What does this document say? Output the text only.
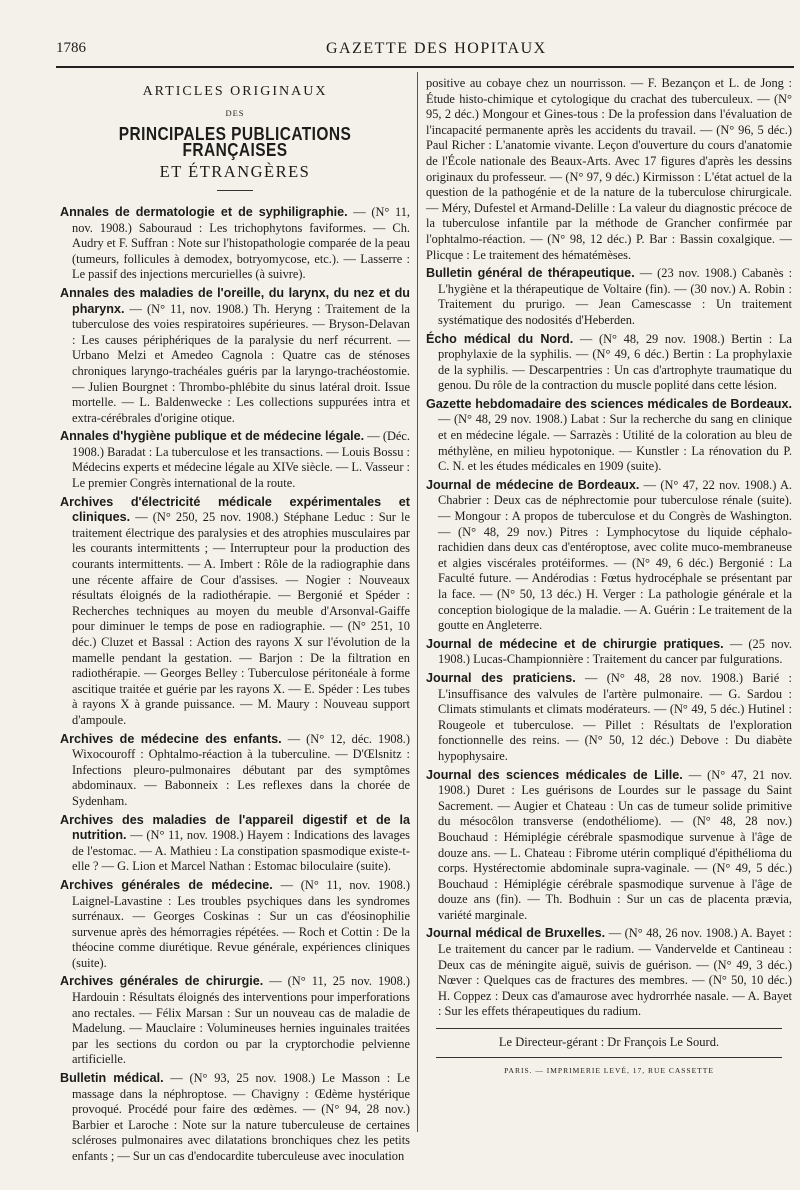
1786	GAZETTE DES HOPITAUX
ARTICLES ORIGINAUX
DES
PRINCIPALES PUBLICATIONS FRANÇAISES
ET ÉTRANGÈRES

Annales de dermatologie et de syphiligraphie. — (N° 11, nov. 1908.) Sabouraud : Les trichophytons faviformes. — Ch. Audry et F. Suffran : Note sur l'histopathologie comparée de la peau (tumeurs, follicules à demodex, botryomycose, etc.). — Lasserre : Le passif des injections mercurielles (à suivre).

Annales des maladies de l'oreille, du larynx, du nez et du pharynx. — (N° 11, nov. 1908.) Th. Heryng : Traitement de la tuberculose des voies respiratoires supérieures. — Bryson-Delavan : Les causes périphériques de la paralysie du nerf récurrent. — Urbano Melzi et Amedeo Cagnola : Quatre cas de sténoses chroniques laryngo-trachéales guéris par la laryngo-trachéostomie. — Julien Bourgnet : Thrombo-phlébite du sinus latéral droit. Issue mortelle. — L. Baldenwecke : Les collections suppurées intra et extra-cérébrales d'origine otique.

Annales d'hygiène publique et de médecine légale. — (Déc. 1908.) Baradat : La tuberculose et les transactions. — Louis Bossu : Médecins experts et médecine légale au XIVe siècle. — L. Vasseur : Le premier Congrès international de la route.

Archives d'électricité médicale expérimentales et cliniques. — (N° 250, 25 nov. 1908.) Stéphane Leduc : Sur le traitement électrique des paralysies et des atrophies musculaires par les courants intermittents ; — Interrupteur pour la production des courants intermittents. — A. Imbert : Rôle de la radiographie dans une récente affaire de Cour d'assises. — Nogier : Nouveaux résultats éloignés de la radiothérapie. — Bergonié et Spéder : Recherches techniques au moyen du meuble d'Arsonval-Gaiffe pour diminuer le temps de pose en radiographie. — (N° 251, 10 déc.) Cluzet et Bassal : Action des rayons X sur l'évolution de la mamelle pendant la gestation. — Barjon : De la filtration en radiothérapie. — Georges Belley : Tuberculose péritonéale à forme ascitique traitée et guérie par les rayons X. — E. Spéder : Les tubes à rayons X à grande puissance. — M. Maury : Nouveau support d'ampoule.

Archives de médecine des enfants. — (N° 12, déc. 1908.) Wixocouroff : Ophtalmo-réaction à la tuberculine. — D'Œlsnitz : Infections pleuro-pulmonaires débutant par des symptômes abdominaux. — Babonneix : Les reflexes dans la chorée de Sydenham.

Archives des maladies de l'appareil digestif et de la nutrition. — (N° 11, nov. 1908.) Hayem : Indications des lavages de l'estomac. — A. Mathieu : La constipation spasmodique existe-t-elle ? — G. Lion et Marcel Nathan : Estomac biloculaire (suite).

Archives générales de médecine. — (N° 11, nov. 1908.) Laignel-Lavastine : Les troubles psychiques dans les syndromes surrénaux. — Georges Coskinas : Sur un cas d'éosinophilie survenue après des hémorragies répétées. — Roch et Cottin : De la théocine comme diurétique. Revue générale, expériences cliniques (suite).

Archives générales de chirurgie. — (N° 11, 25 nov. 1908.) Hardouin : Résultats éloignés des interventions pour imperforations ano rectales. — Félix Marsan : Sur un nouveau cas de maladie de Madelung. — Mauclaire : Volumineuses hernies inguinales traitées par les sections du cordon ou par la cryptorchodie pelvienne artificielle.

Bulletin médical. — (N° 93, 25 nov. 1908.) Le Masson : Le massage dans la néphroptose. — Chavigny : Œdème hystérique provoqué. Procédé pour faire des œdèmes. — (N° 94, 28 nov.) Barbier et Laroche : Note sur la nature tuberculeuse de certaines scléroses pulmonaires avec dilatations bronchiques chez les petits enfants ; — Sur un cas d'endocardite tuberculeuse avec inoculation

positive au cobaye chez un nourrisson. — F. Bezançon et L. de Jong : Étude histo-chimique et cytologique du crachat des tuberculeux. — (N° 95, 2 déc.) Mongour et Gines-tous : De la profession dans l'évaluation de l'incapacité permanente après les accidents du travail. — (N° 96, 5 déc.) Paul Richer : L'anatomie vivante. Leçon d'ouverture du cours d'anatomie de l'École nationale des Beaux-Arts. Avec 17 figures d'après les dessins originaux du professeur. — (N° 97, 9 déc.) Kirmisson : L'état actuel de la question de la pathogénie et de la nature de la tuberculose chirurgicale. — Méry, Dufestel et Armand-Delille : La valeur du diagnostic précoce de la tuberculose infantile par la méthode de Grancher confirmée par l'ophtalmo-réaction. — (N° 98, 12 déc.) P. Bar : Bassin coxalgique. — Plicque : Le traitement des hématémèses.

Bulletin général de thérapeutique. — (23 nov. 1908.) Cabanès : L'hygiène et la thérapeutique de Voltaire (fin). — (30 nov.) A. Robin : Traitement du prurigo. — Jean Camescasse : Un traitement systématique des nodosités d'Heberden.

Écho médical du Nord. — (N° 48, 29 nov. 1908.) Bertin : La prophylaxie de la syphilis. — (N° 49, 6 déc.) Bertin : La prophylaxie de la syphilis. — Descarpentries : Un cas d'artrophyte traumatique du genou. Du rôle de la contraction du muscle poplité dans cette lésion.

Gazette hebdomadaire des sciences médicales de Bordeaux. — (N° 48, 29 nov. 1908.) Labat : Sur la recherche du sang en clinique et en médecine légale. — Sarrazès : Utilité de la coloration au bleu de méthylène, en milieu hypotonique. — Kunstler : La rénovation du P. C. N. et les études médicales en 1909 (suite).

Journal de médecine de Bordeaux. — (N° 47, 22 nov. 1908.) A. Chabrier : Deux cas de néphrectomie pour tuberculose rénale (suite). — Mongour : A propos de tuberculose et du Congrès de Washington. — (N° 48, 29 nov.) Pitres : Lymphocytose du liquide céphalo-rachidien dans deux cas d'entéroptose, avec colite muco-membraneuse et algies viscérales protéiformes. — (N° 49, 6 déc.) Bergonié : La Faculté future. — Andérodias : Fœtus hydrocéphale se présentant par la face. — (N° 50, 13 déc.) H. Verger : La pathologie générale et la conception biologique de la maladie. — A. Guérin : Le traitement de la goutte en Angleterre.

Journal de médecine et de chirurgie pratiques. — (25 nov. 1908.) Lucas-Championnière : Traitement du cancer par fulgurations.

Journal des praticiens. — (N° 48, 28 nov. 1908.) Barié : L'insuffisance des valvules de l'artère pulmonaire. — G. Sardou : Climats stimulants et climats modérateurs. — (N° 49, 5 déc.) Hutinel : Rougeole et tuberculose. — Pillet : Résultats de l'exploration fonctionnelle des reins. — (N° 50, 12 déc.) Debove : Du diabète hypophysaire.

Journal des sciences médicales de Lille. — (N° 47, 21 nov. 1908.) Duret : Les guérisons de Lourdes sur le passage du Saint Sacrement. — Augier et Chateau : Un cas de tumeur solide primitive du mésocôlon transverse (endothéliome). — (N° 48, 28 nov.) Bouchaud : Hémiplégie cérébrale spasmodique survenue à l'âge de douze ans. — L. Chateau : Fibrome utérin compliqué d'épithélioma du corps. Hystérectomie abdominale supra-vaginale. — (N° 49, 5 déc.) Bouchaud : Hémiplégie cérébrale spasmodique survenue à l'âge de douze ans (fin). — Th. Bodhuin : Sur un cas de placenta prævia, variété marginale.

Journal médical de Bruxelles. — (N° 48, 26 nov. 1908.) A. Bayet : Le traitement du cancer par le radium. — Vandervelde et Cantineau : Deux cas de méningite aiguë, suivis de guérison. — (N° 49, 3 déc.) Nœver : Quelques cas de fractures des membres. — (N° 50, 10 déc.) H. Coppez : Deux cas d'amaurose avec hydrorrhée nasale. — A. Bayet : Sur les effets thérapeutiques du radium.

Le Directeur-gérant : Dr François Le Sourd.
PARIS. — IMPRIMERIE LEVÉ, 17, RUE CASSETTE
